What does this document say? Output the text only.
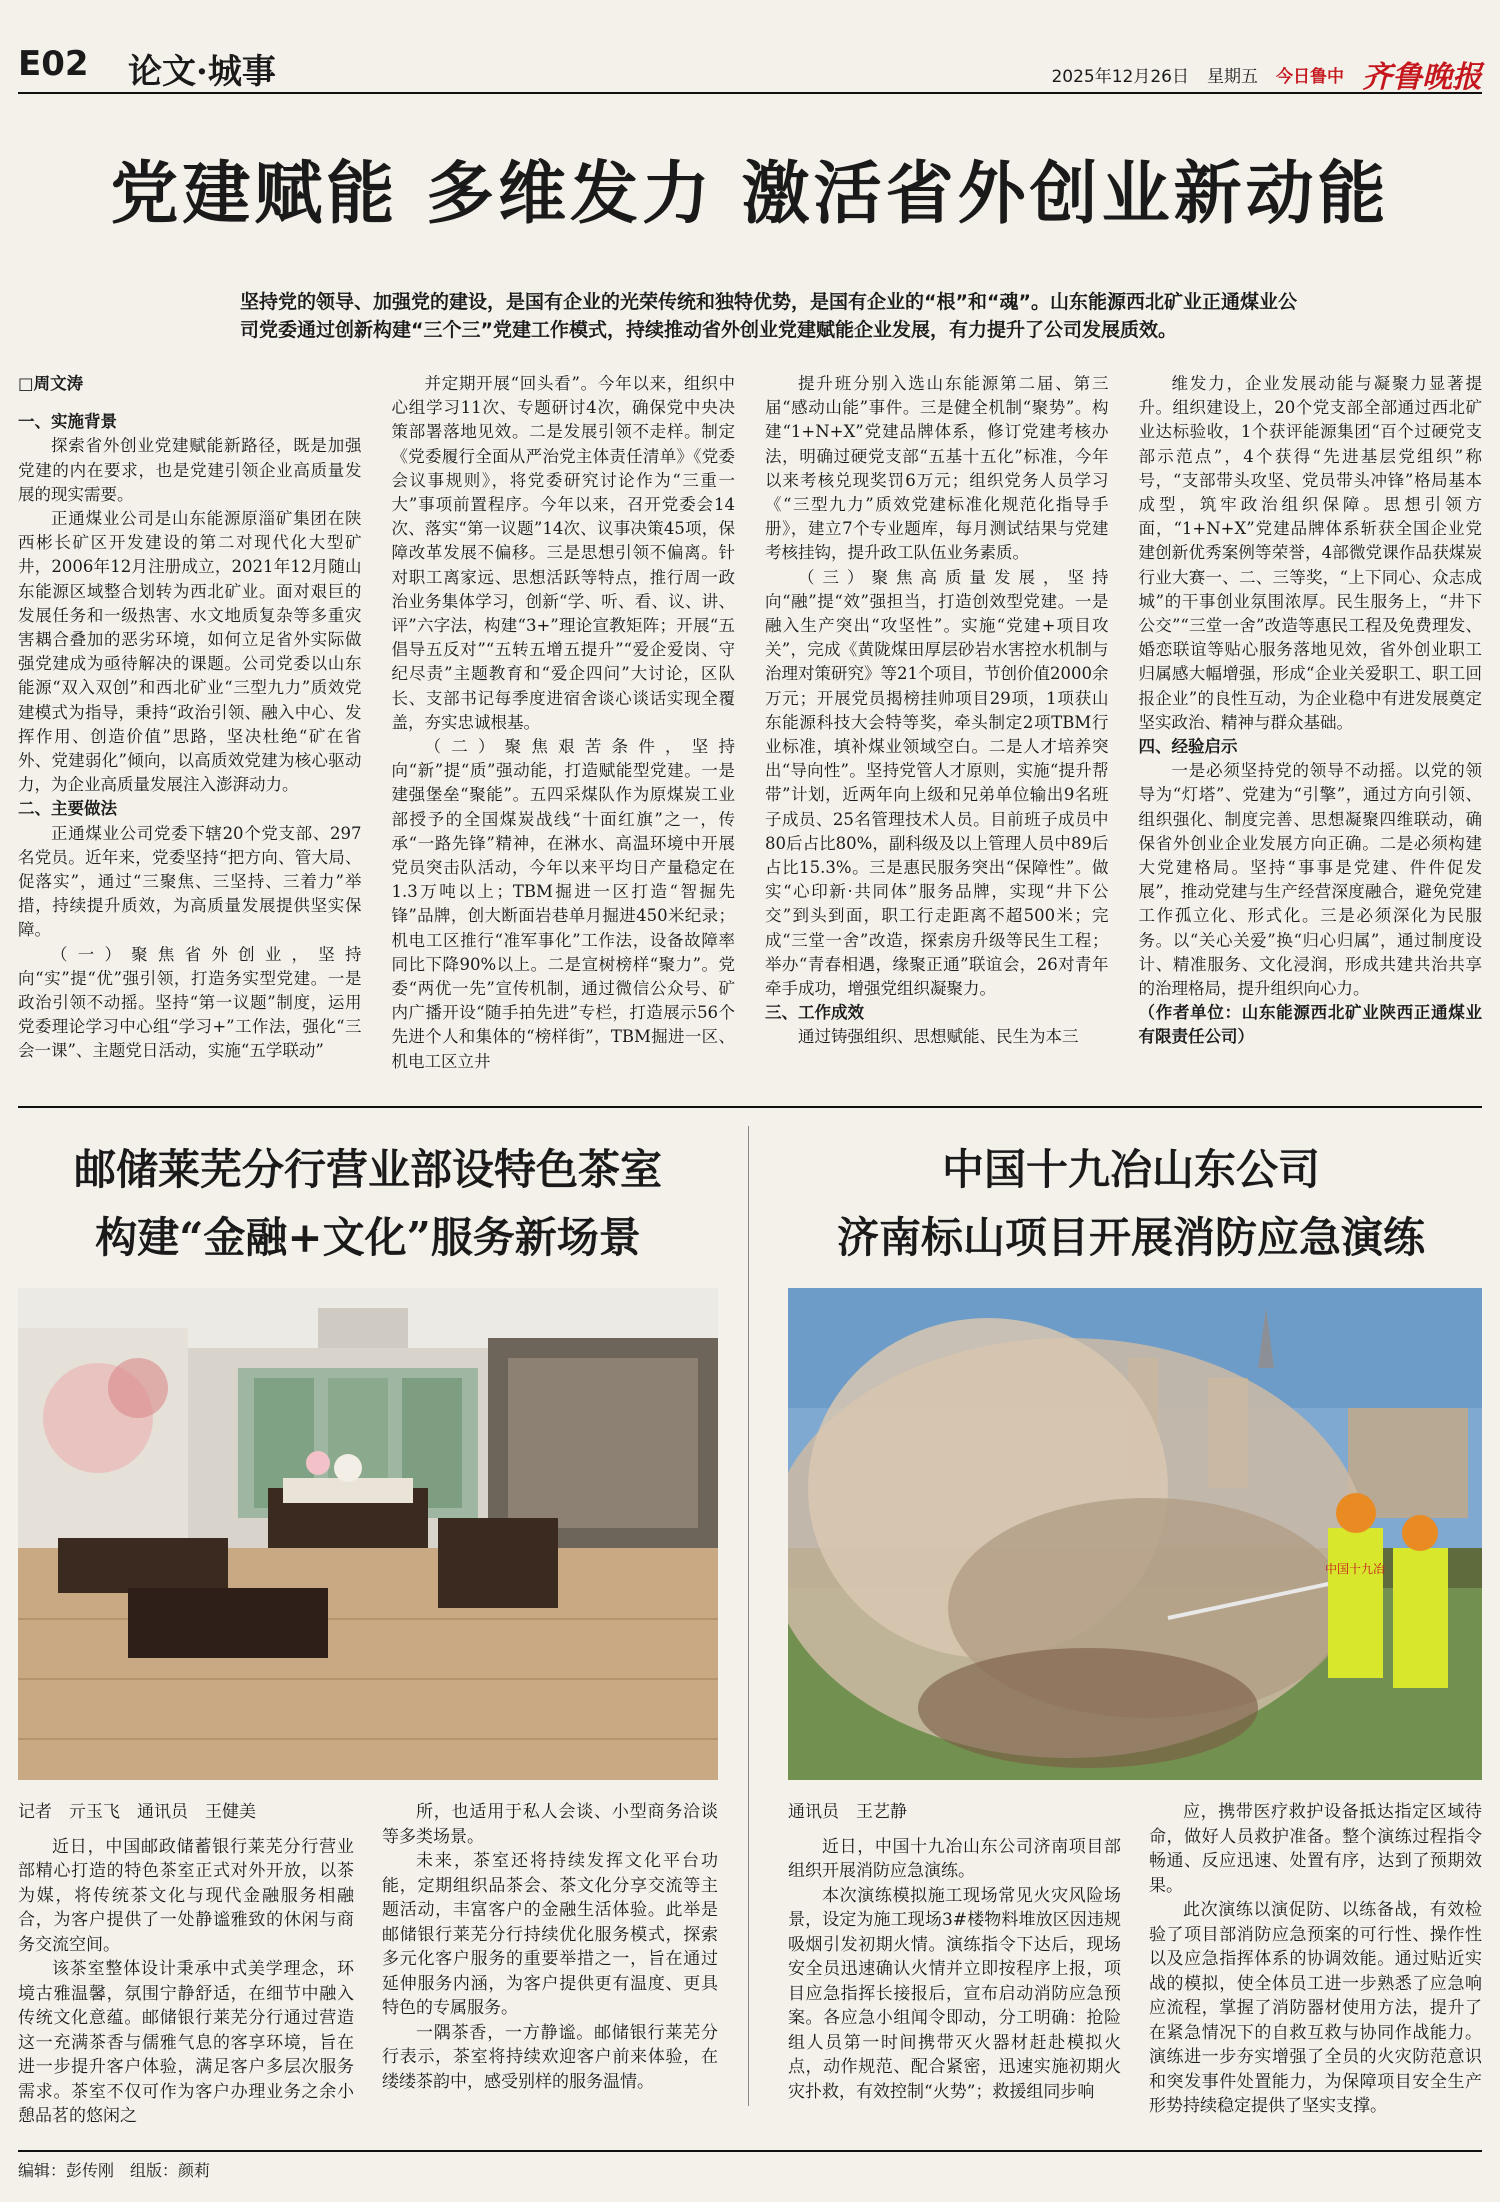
E02 论文·城事	2025年12月26日 星期五 今日鲁中 齐鲁晚报
党建赋能 多维发力 激活省外创业新动能
坚持党的领导、加强党的建设，是国有企业的光荣传统和独特优势，是国有企业的“根”和“魂”。山东能源西北矿业正通煤业公司党委通过创新构建“三个三”党建工作模式，持续推动省外创业党建赋能企业发展，有力提升了公司发展质效。

□周文涛

一、实施背景

探索省外创业党建赋能新路径，既是加强党建的内在要求，也是党建引领企业高质量发展的现实需要。

正通煤业公司是山东能源原淄矿集团在陕西彬长矿区开发建设的第二对现代化大型矿井，2006年12月注册成立，2021年12月随山东能源区域整合划转为西北矿业。面对艰巨的发展任务和一级热害、水文地质复杂等多重灾害耦合叠加的恶劣环境，如何立足省外实际做强党建成为亟待解决的课题。公司党委以山东能源“双入双创”和西北矿业“三型九力”质效党建模式为指导，秉持“政治引领、融入中心、发挥作用、创造价值”思路，坚决杜绝“矿在省外、党建弱化”倾向，以高质效党建为核心驱动力，为企业高质量发展注入澎湃动力。

二、主要做法

正通煤业公司党委下辖20个党支部、297名党员。近年来，党委坚持“把方向、管大局、促落实”，通过“三聚焦、三坚持、三着力”举措，持续提升质效，为高质量发展提供坚实保障。

（一）聚焦省外创业，坚持向“实”提“优”强引领，打造务实型党建。一是政治引领不动摇。坚持“第一议题”制度，运用党委理论学习中心组“学习+”工作法，强化“三会一课”、主题党日活动，实施“五学联动”

并定期开展“回头看”。今年以来，组织中心组学习11次、专题研讨4次，确保党中央决策部署落地见效。二是发展引领不走样。制定《党委履行全面从严治党主体责任清单》《党委会议事规则》，将党委研究讨论作为“三重一大”事项前置程序。今年以来，召开党委会14次、落实“第一议题”14次、议事决策45项，保障改革发展不偏移。三是思想引领不偏离。针对职工离家远、思想活跃等特点，推行周一政治业务集体学习，创新“学、听、看、议、讲、评”六字法，构建“3+”理论宣教矩阵；开展“五倡导五反对”“五转五增五提升”“爱企爱岗、守纪尽责”主题教育和“爱企四问”大讨论，区队长、支部书记每季度进宿舍谈心谈话实现全覆盖，夯实忠诚根基。

（二）聚焦艰苦条件，坚持向“新”提“质”强动能，打造赋能型党建。一是建强堡垒“聚能”。五四采煤队作为原煤炭工业部授予的全国煤炭战线“十面红旗”之一，传承“一路先锋”精神，在淋水、高温环境中开展党员突击队活动，今年以来平均日产量稳定在1.3万吨以上；TBM掘进一区打造“智掘先锋”品牌，创大断面岩巷单月掘进450米纪录；机电工区推行“准军事化”工作法，设备故障率同比下降90%以上。二是宣树榜样“聚力”。党委“两优一先”宣传机制，通过微信公众号、矿内广播开设“随手拍先进”专栏，打造展示56个先进个人和集体的“榜样街”，TBM掘进一区、机电工区立井

提升班分别入选山东能源第二届、第三届“感动山能”事件。三是健全机制“聚势”。构建“1+N+X”党建品牌体系，修订党建考核办法，明确过硬党支部“五基十五化”标准，今年以来考核兑现奖罚6万元；组织党务人员学习《“三型九力”质效党建标准化规范化指导手册》，建立7个专业题库，每月测试结果与党建考核挂钩，提升政工队伍业务素质。

（三）聚焦高质量发展，坚持向“融”提“效”强担当，打造创效型党建。一是融入生产突出“攻坚性”。实施“党建+项目攻关”，完成《黄陇煤田厚层砂岩水害控水机制与治理对策研究》等21个项目，节创价值2000余万元；开展党员揭榜挂帅项目29项，1项获山东能源科技大会特等奖，牵头制定2项TBM行业标准，填补煤业领域空白。二是人才培养突出“导向性”。坚持党管人才原则，实施“提升帮带”计划，近两年向上级和兄弟单位输出9名班子成员、25名管理技术人员。目前班子成员中80后占比80%，副科级及以上管理人员中89后占比15.3%。三是惠民服务突出“保障性”。做实“心印新·共同体”服务品牌，实现“井下公交”到头到面，职工行走距离不超500米；完成“三堂一舍”改造，探索房升级等民生工程；举办“青春相遇，缘聚正通”联谊会，26对青年牵手成功，增强党组织凝聚力。

三、工作成效

通过铸强组织、思想赋能、民生为本三

维发力，企业发展动能与凝聚力显著提升。组织建设上，20个党支部全部通过西北矿业达标验收，1个获评能源集团“百个过硬党支部示范点”，4个获得“先进基层党组织”称号，“支部带头攻坚、党员带头冲锋”格局基本成型，筑牢政治组织保障。思想引领方面，“1+N+X”党建品牌体系斩获全国企业党建创新优秀案例等荣誉，4部微党课作品获煤炭行业大赛一、二、三等奖，“上下同心、众志成城”的干事创业氛围浓厚。民生服务上，“井下公交”“三堂一舍”改造等惠民工程及免费理发、婚恋联谊等贴心服务落地见效，省外创业职工归属感大幅增强，形成“企业关爱职工、职工回报企业”的良性互动，为企业稳中有进发展奠定坚实政治、精神与群众基础。

四、经验启示

一是必须坚持党的领导不动摇。以党的领导为“灯塔”、党建为“引擎”，通过方向引领、组织强化、制度完善、思想凝聚四维联动，确保省外创业企业发展方向正确。二是必须构建大党建格局。坚持“事事是党建、件件促发展”，推动党建与生产经营深度融合，避免党建工作孤立化、形式化。三是必须深化为民服务。以“关心关爱”换“归心归属”，通过制度设计、精准服务、文化浸润，形成共建共治共享的治理格局，提升组织向心力。

（作者单位：山东能源西北矿业陕西正通煤业有限责任公司）

邮储莱芜分行营业部设特色茶室
构建“金融+文化”服务新场景

记者　亓玉飞　通讯员　王健美

近日，中国邮政储蓄银行莱芜分行营业部精心打造的特色茶室正式对外开放，以茶为媒，将传统茶文化与现代金融服务相融合，为客户提供了一处静谧雅致的休闲与商务交流空间。

该茶室整体设计秉承中式美学理念，环境古雅温馨，氛围宁静舒适，在细节中融入传统文化意蕴。邮储银行莱芜分行通过营造这一充满茶香与儒雅气息的客享环境，旨在进一步提升客户体验，满足客户多层次服务需求。茶室不仅可作为客户办理业务之余小憩品茗的悠闲之

所，也适用于私人会谈、小型商务洽谈等多类场景。

未来，茶室还将持续发挥文化平台功能，定期组织品茶会、茶文化分享交流等主题活动，丰富客户的金融生活体验。此举是邮储银行莱芜分行持续优化服务模式，探索多元化客户服务的重要举措之一，旨在通过延伸服务内涵，为客户提供更有温度、更具特色的专属服务。

一隅茶香，一方静谧。邮储银行莱芜分行表示，茶室将持续欢迎客户前来体验，在缕缕茶韵中，感受别样的服务温情。

中国十九冶山东公司
济南标山项目开展消防应急演练
中国十九冶

通讯员　王艺静

近日，中国十九冶山东公司济南项目部组织开展消防应急演练。

本次演练模拟施工现场常见火灾风险场景，设定为施工现场3#楼物料堆放区因违规吸烟引发初期火情。演练指令下达后，现场安全员迅速确认火情并立即按程序上报，项目应急指挥长接报后，宣布启动消防应急预案。各应急小组闻令即动，分工明确：抢险组人员第一时间携带灭火器材赶赴模拟火点，动作规范、配合紧密，迅速实施初期火灾扑救，有效控制“火势”；救援组同步响

应，携带医疗救护设备抵达指定区域待命，做好人员救护准备。整个演练过程指令畅通、反应迅速、处置有序，达到了预期效果。

此次演练以演促防、以练备战，有效检验了项目部消防应急预案的可行性、操作性以及应急指挥体系的协调效能。通过贴近实战的模拟，使全体员工进一步熟悉了应急响应流程，掌握了消防器材使用方法，提升了在紧急情况下的自救互救与协同作战能力。演练进一步夯实增强了全员的火灾防范意识和突发事件处置能力，为保障项目安全生产形势持续稳定提供了坚实支撑。

编辑：彭传刚　组版：颜莉
